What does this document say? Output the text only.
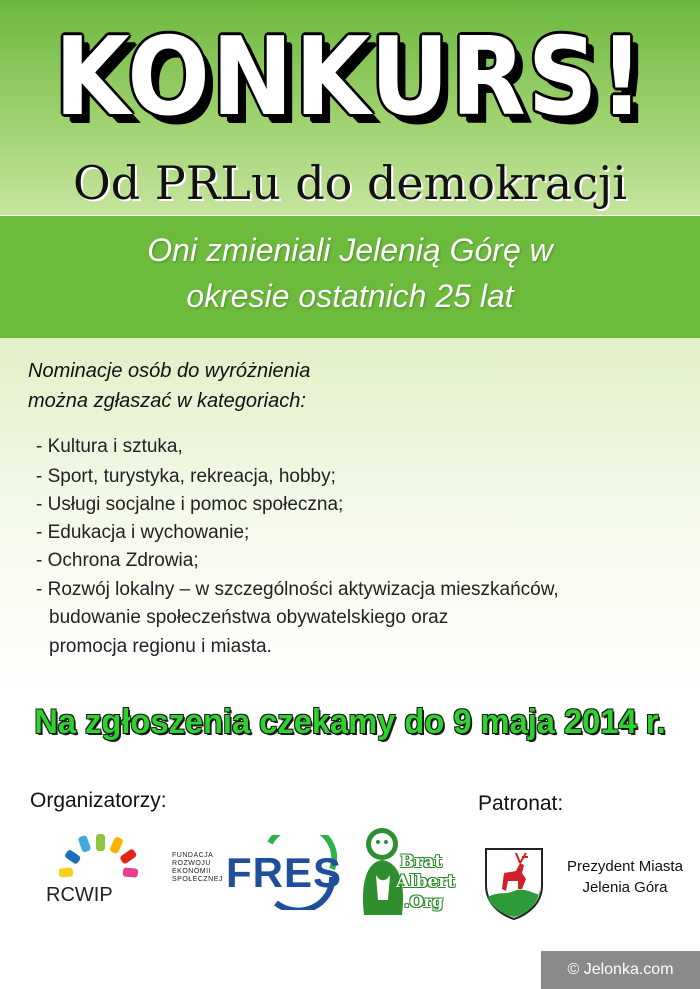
KONKURS!
Od PRLu do demokracji
Oni zmieniali Jelenią Górę w
okresie ostatnich 25 lat
Nominacje osób do wyróżnienia
można zgłaszać w kategoriach:
- Kultura i sztuka,
- Sport, turystyka, rekreacja, hobby;
- Usługi socjalne i pomoc społeczna;
- Edukacja i wychowanie;
- Ochrona Zdrowia;
- Rozwój lokalny – w szczególności aktywizacja mieszkańców,
budowanie społeczeństwa obywatelskiego oraz
promocja regionu i miasta.
Na zgłoszenia czekamy do 9 maja 2014 r.
Organizatorzy:	Patronat:
RCWIP
FUNDACJA
ROZWOJU
EKONOMII
SPOŁECZNEJ FRES	Brat
Albert
.Org
Prezydent Miasta
Jelenia Góra
© Jelonka.com
